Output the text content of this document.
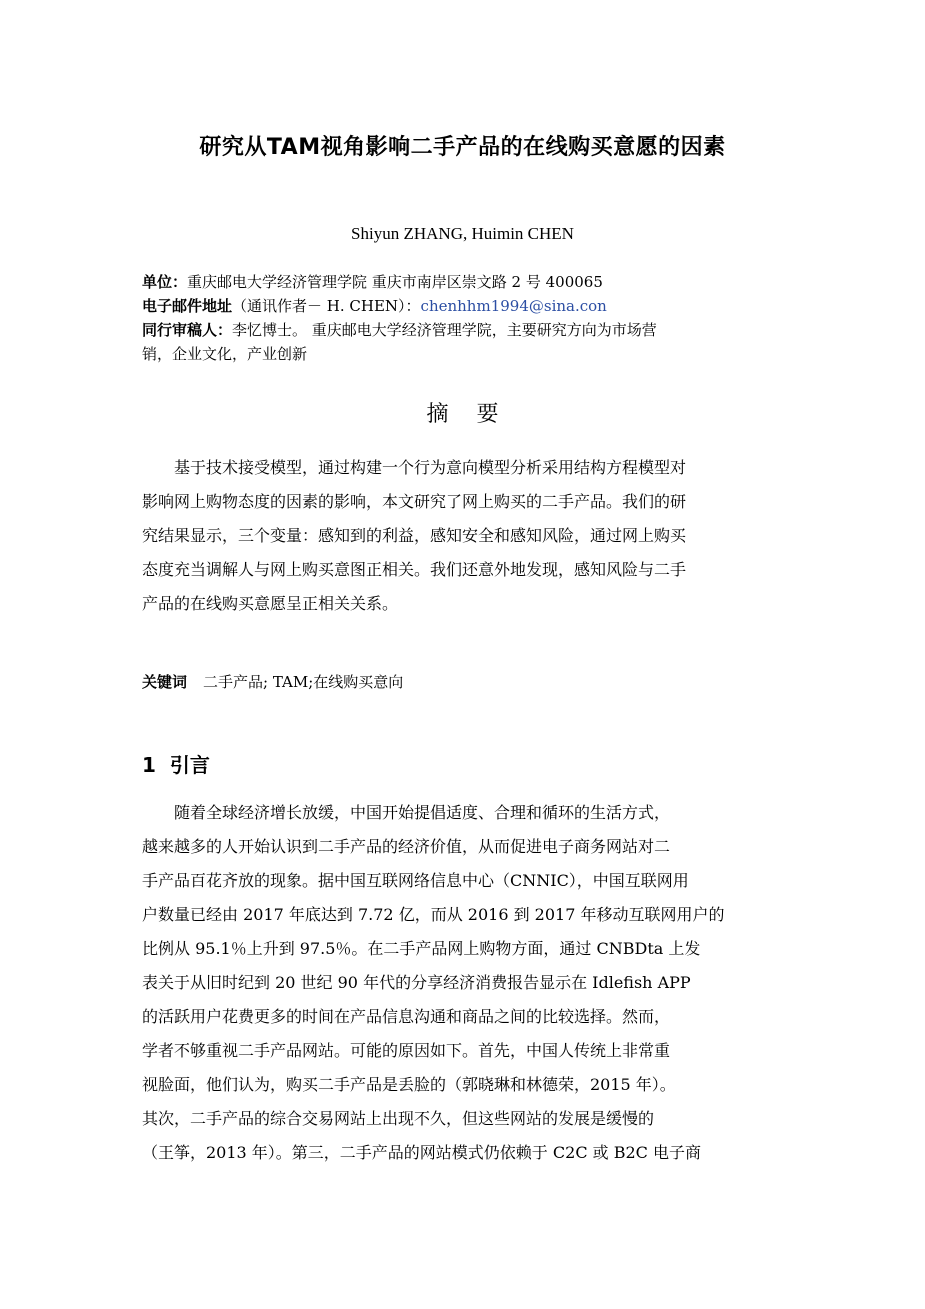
研究从TAM视角影响二手产品的在线购买意愿的因素
Shiyun ZHANG, Huimin CHEN
单位：重庆邮电大学经济管理学院 重庆市南岸区崇文路 2 号 400065
电子邮件地址（通讯作者－ H. CHEN）：chenhhm1994@sina.con
同行审稿人：李忆博士。 重庆邮电大学经济管理学院，主要研究方向为市场营
销，企业文化，产业创新
摘要
　　基于技术接受模型，通过构建一个行为意向模型分析采用结构方程模型对
影响网上购物态度的因素的影响，本文研究了网上购买的二手产品。我们的研
究结果显示，三个变量：感知到的利益，感知安全和感知风险，通过网上购买
态度充当调解人与网上购买意图正相关。我们还意外地发现，感知风险与二手
产品的在线购买意愿呈正相关关系。
关键词 二手产品; TAM;在线购买意向
1 引言
　　随着全球经济增长放缓，中国开始提倡适度、合理和循环的生活方式，
越来越多的人开始认识到二手产品的经济价值，从而促进电子商务网站对二
手产品百花齐放的现象。据中国互联网络信息中心（CNNIC），中国互联网用
户数量已经由 2017 年底达到 7.72 亿，而从 2016 到 2017 年移动互联网用户的
比例从 95.1％上升到 97.5％。在二手产品网上购物方面，通过 CNBDta 上发
表关于从旧时纪到 20 世纪 90 年代的分享经济消费报告显示在 Idlefish APP
的活跃用户花费更多的时间在产品信息沟通和商品之间的比较选择。然而，
学者不够重视二手产品网站。可能的原因如下。首先，中国人传统上非常重
视脸面，他们认为，购买二手产品是丢脸的（郭晓琳和林德荣，2015 年）。
其次，二手产品的综合交易网站上出现不久，但这些网站的发展是缓慢的
（王筝，2013 年）。第三，二手产品的网站模式仍依赖于 C2C 或 B2C 电子商
